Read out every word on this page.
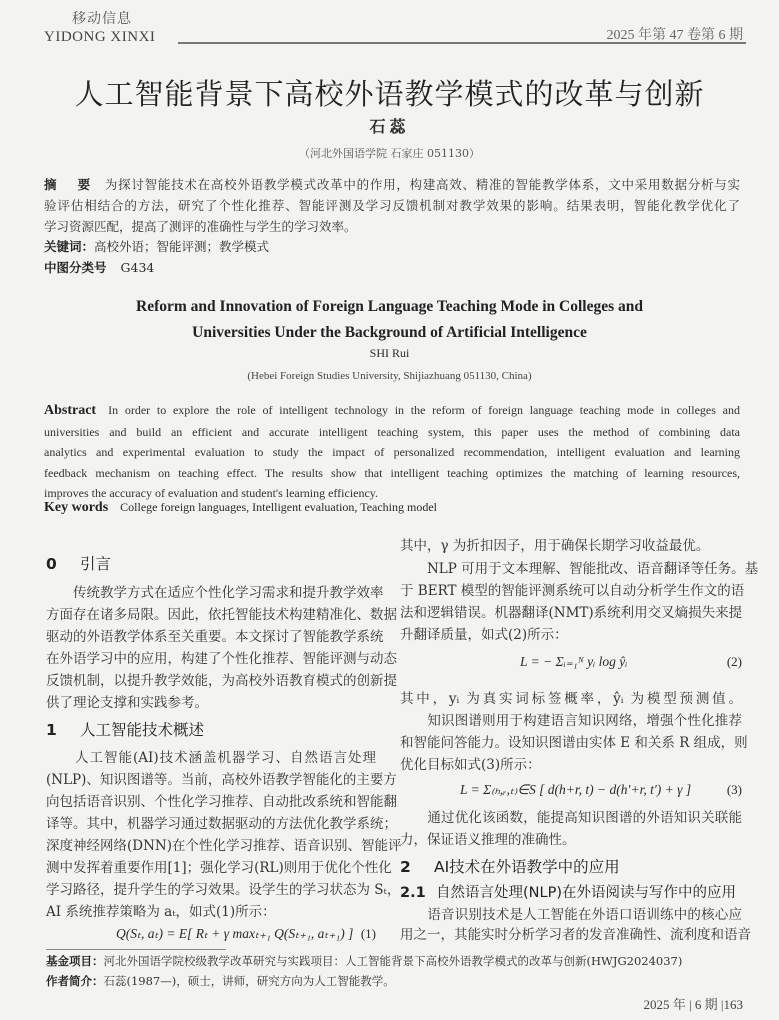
移动信息
YIDONG XINXI	2025 年第 47 卷第 6 期
人工智能背景下高校外语教学模式的改革与创新
石蕊
（河北外国语学院 石家庄 051130）
摘    要 为探讨智能技术在高校外语教学模式改革中的作用，构建高效、精准的智能教学体系，文中采用数据分析与实
验评估相结合的方法，研究了个性化推荐、智能评测及学习反馈机制对教学效果的影响。结果表明，智能化教学优化了
学习资源匹配，提高了测评的准确性与学生的学习效率。
关键词：高校外语；智能评测；教学模式
中图分类号 G434
Reform and Innovation of Foreign Language Teaching Mode in Colleges and
Universities Under the Background of Artificial Intelligence
SHI Rui
(Hebei Foreign Studies University, Shijiazhuang 051130, China)
Abstract In order to explore the role of intelligent technology in the reform of foreign language teaching mode in colleges and
universities and build an efficient and accurate intelligent teaching system, this paper uses the method of combining data
analytics and experimental evaluation to study the impact of personalized recommendation, intelligent evaluation and learning
feedback mechanism on teaching effect. The results show that intelligent teaching optimizes the matching of learning resources,
improves the accuracy of evaluation and student's learning efficiency.
Key words College foreign languages, Intelligent evaluation, Teaching model
0 引言
　　传统教学方式在适应个性化学习需求和提升教学效率
方面存在诸多局限。因此，依托智能技术构建精准化、数据
驱动的外语教学体系至关重要。本文探讨了智能教学系统
在外语学习中的应用，构建了个性化推荐、智能评测与动态
反馈机制，以提升教学效能，为高校外语教育模式的创新提
供了理论支撑和实践参考。
1 人工智能技术概述
　　人工智能(AI)技术涵盖机器学习、自然语言处理
(NLP)、知识图谱等。当前，高校外语教学智能化的主要方
向包括语音识别、个性化学习推荐、自动批改系统和智能翻
译等。其中，机器学习通过数据驱动的方法优化教学系统；
深度神经网络(DNN)在个性化学习推荐、语音识别、智能评
测中发挥着重要作用[1]；强化学习(RL)则用于优化个性化
学习路径，提升学生的学习效果。设学生的学习状态为 Sₜ，
AI 系统推荐策略为 aₜ，如式(1)所示：
Q(Sₜ, aₜ) = E[ Rₜ + γ maxₜ₊₁ Q(Sₜ₊₁, aₜ₊₁) ] (1)
其中，γ 为折扣因子，用于确保长期学习收益最优。
　　NLP 可用于文本理解、智能批改、语音翻译等任务。基
于 BERT 模型的智能评测系统可以自动分析学生作文的语
法和逻辑错误。机器翻译(NMT)系统利用交叉熵损失来提
升翻译质量，如式(2)所示：
L = − Σᵢ₌₁ᴺ yᵢ log ŷᵢ	(2)
其中，yᵢ 为真实词标签概率，ŷᵢ 为模型预测值。
　　知识图谱则用于构建语言知识网络，增强个性化推荐
和智能问答能力。设知识图谱由实体 E 和关系 R 组成，则
优化目标如式(3)所示：
L = Σ₍ₕ,ᵣ,ₜ₎∈S [ d(h+r, t) − d(h′+r, t′) + γ ]	(3)
　　通过优化该函数，能提高知识图谱的外语知识关联能
力，保证语义推理的准确性。
2 AI技术在外语教学中的应用
2.1 自然语言处理(NLP)在外语阅读与写作中的应用
　　语音识别技术是人工智能在外语口语训练中的核心应
用之一，其能实时分析学习者的发音准确性、流利度和语音
基金项目：河北外国语学院校级教学改革研究与实践项目：人工智能背景下高校外语教学模式的改革与创新(HWJG2024037)
作者简介：石蕊(1987—)，硕士，讲师，研究方向为人工智能教学。
2025 年 | 6 期 |163
